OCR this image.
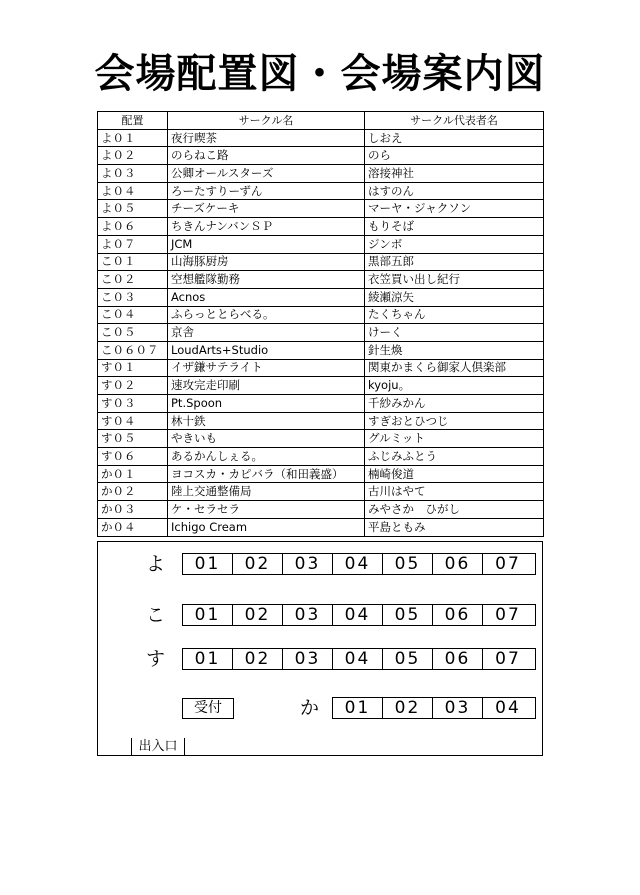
会場配置図・会場案内図
配置	サークル名	サークル代表者名
よ０１	夜行喫茶	しおえ
よ０２	のらねこ路	のら
よ０３	公卿オールスターズ	溶接神社
よ０４	ろーたすりーずん	はすのん
よ０５	チーズケーキ	マーヤ・ジャクソン
よ０６	ちきんナンバンＳＰ	もりそば
よ０７	JCM	ジンボ
こ０１	山海豚厨房	黒部五郎
こ０２	空想艦隊勤務	衣笠買い出し紀行
こ０３	Acnos	綾瀬涼矢
こ０４	ふらっととらべる。	たくちゃん
こ０５	京舎	けーく
こ０６０７	LoudArts+Studio	針生煥
す０１	イザ鎌サテライト	関東かまくら御家人倶楽部
す０２	速攻完走印刷	kyoju。
す０３	Pt.Spoon	千紗みかん
す０４	林十鉄	すぎおとひつじ
す０５	やきいも	グルミット
す０６	あるかんしぇる。	ふじみふとう
か０１	ヨコスカ・カピバラ（和田義盛）	楠崎俊道
か０２	陸上交通整備局	古川はやて
か０３	ケ・セラセラ	みやさか　ひがし
か０４	Ichigo Cream	平島ともみ
よ	01	02	03	04	05	06	07
こ	01	02	03	04	05	06	07
す	01	02	03	04	05	06	07
受付	か	01	02	03	04
出入口
